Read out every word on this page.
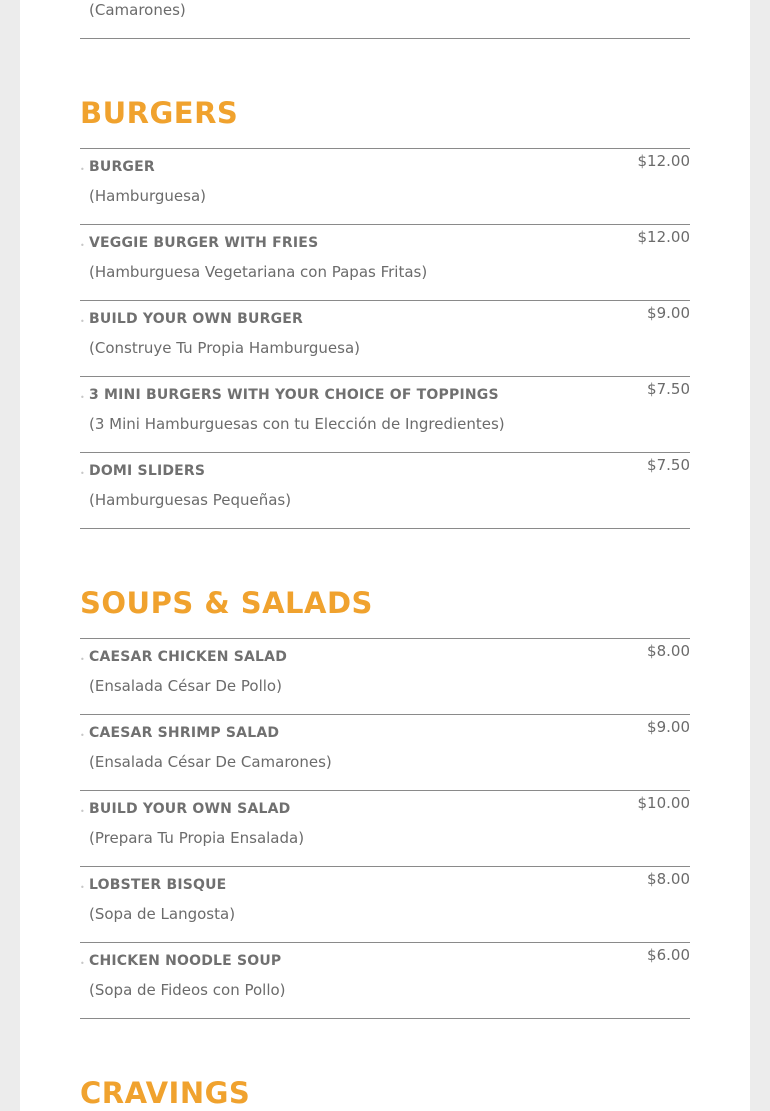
(Camarones)
BURGERS
• BURGER
(Hamburguesa)
$12.00
• VEGGIE BURGER WITH FRIES
(Hamburguesa Vegetariana con Papas Fritas)
$12.00
• BUILD YOUR OWN BURGER
(Construye Tu Propia Hamburguesa)
$9.00
• 3 MINI BURGERS WITH YOUR CHOICE OF TOPPINGS
(3 Mini Hamburguesas con tu Elección de Ingredientes)
$7.50
• DOMI SLIDERS
(Hamburguesas Pequeñas)
$7.50
SOUPS & SALADS
• CAESAR CHICKEN SALAD
(Ensalada César De Pollo)
$8.00
• CAESAR SHRIMP SALAD
(Ensalada César De Camarones)
$9.00
• BUILD YOUR OWN SALAD
(Prepara Tu Propia Ensalada)
$10.00
• LOBSTER BISQUE
(Sopa de Langosta)
$8.00
• CHICKEN NOODLE SOUP
(Sopa de Fideos con Pollo)
$6.00
CRAVINGS
